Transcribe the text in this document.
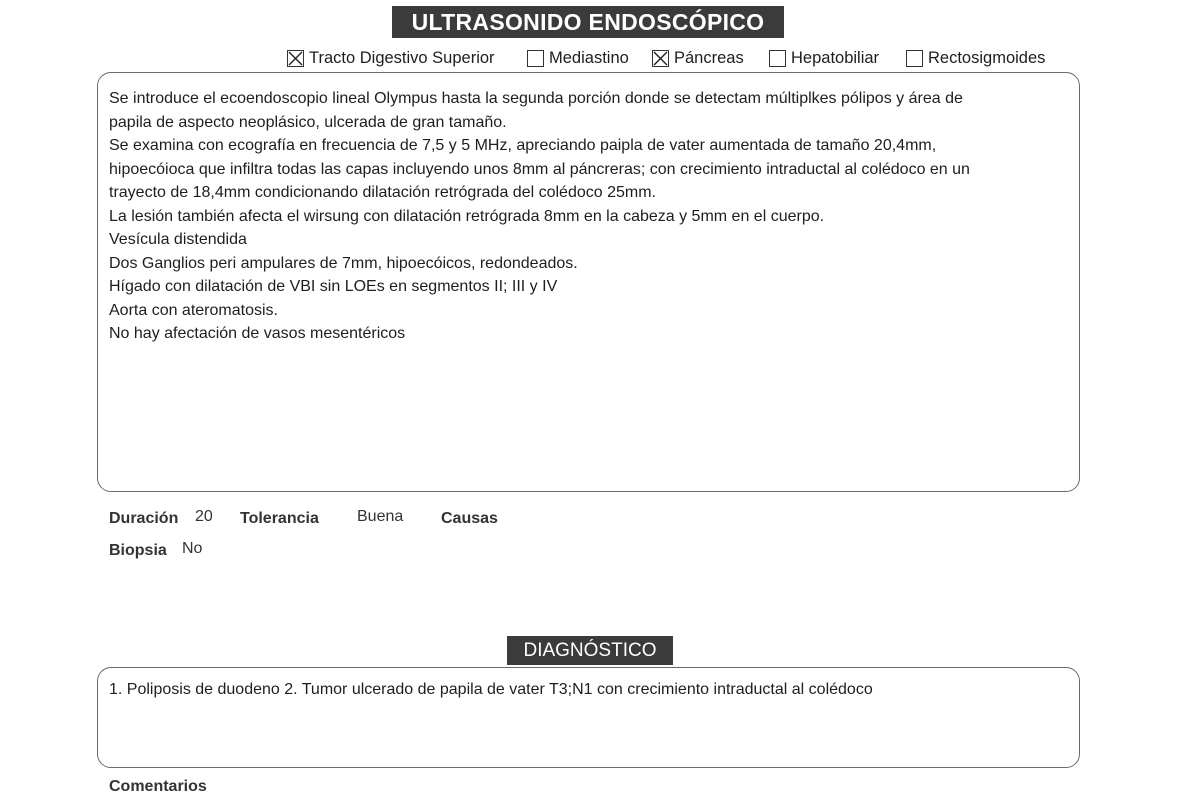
ULTRASONIDO ENDOSCÓPICO
Tracto Digestivo Superior	Mediastino	Páncreas	Hepatobiliar	Rectosigmoides
Se introduce el ecoendoscopio lineal Olympus hasta la segunda porción donde se detectam múltiplkes pólipos y área de
papila de aspecto neoplásico, ulcerada de gran tamaño.
Se examina con ecografía en frecuencia de 7,5 y 5 MHz, apreciando paipla de vater aumentada de tamaño 20,4mm,
hipoecóioca que infiltra todas las capas incluyendo unos 8mm al páncreras; con crecimiento intraductal al colédoco en un
trayecto de 18,4mm condicionando dilatación retrógrada del colédoco 25mm.
La lesión también afecta el wirsung con dilatación retrógrada 8mm en la cabeza y 5mm en el cuerpo.
Vesícula distendida
Dos Ganglios peri ampulares de 7mm, hipoecóicos, redondeados.
Hígado con dilatación de VBI sin LOEs en segmentos II; III y IV
Aorta con ateromatosis.
No hay afectación de vasos mesentéricos
Duración 20 Tolerancia Buena Causas
Biopsia No
DIAGNÓSTICO
1. Poliposis de duodeno 2. Tumor ulcerado de papila de vater T3;N1 con crecimiento intraductal al colédoco
Comentarios
